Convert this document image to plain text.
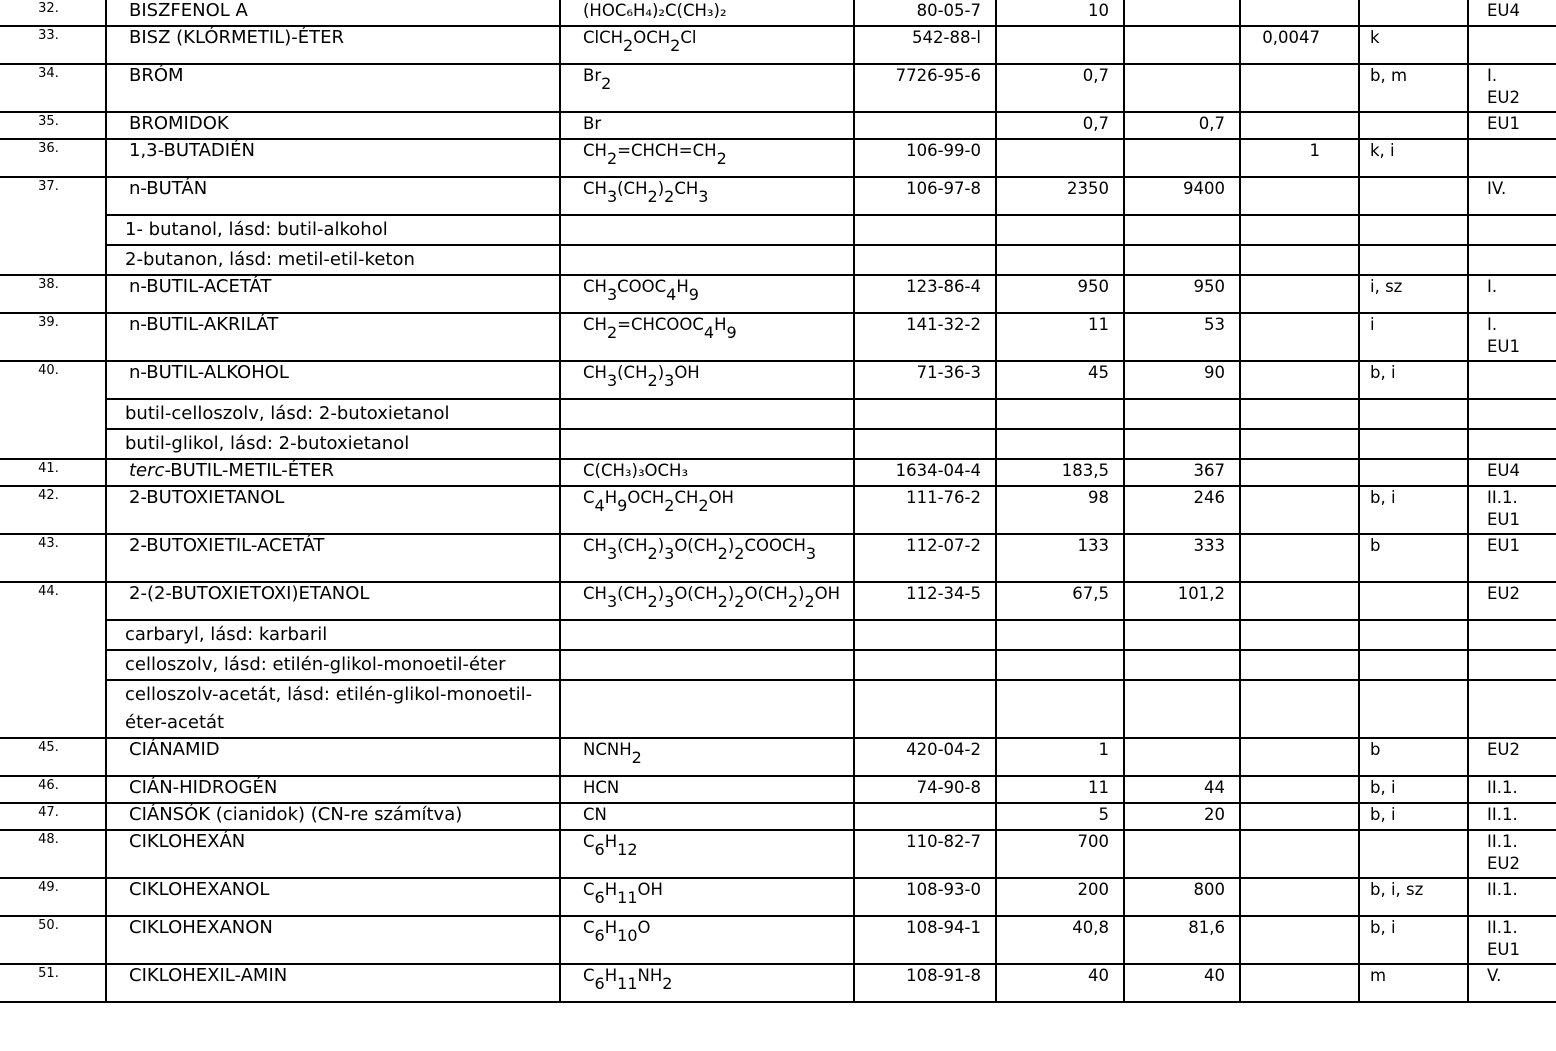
32.	BISZFENOL A	(HOC₆H₄)₂C(CH₃)₂	80-05-7	10				EU4
33.	BISZ (KLÓRMETIL)-ÉTER	$ClCH_2OCH_2Cl$	542-88-l			0,0047	k	
34.	BRÓM	$Br_2$	7726-95-6	0,7			b, m	I.
EU2
35.	BROMIDOK	Br		0,7	0,7			EU1
36.	1,3-BUTADIÉN	$CH_2=CHCH=CH_2$	106-99-0			1	k, i	
37.	n-BUTÁN	$CH_3(CH_2)_2CH_3$	106-97-8	2350	9400			IV.
	1- butanol, lásd: butil-alkohol							
	2-butanon, lásd: metil-etil-keton							
38.	n-BUTIL-ACETÁT	$CH_3COOC_4H_9$	123-86-4	950	950		i, sz	I.
39.	n-BUTIL-AKRILÁT	$CH_2=CHCOOC_4H_9$	141-32-2	11	53		i	I.
EU1
40.	n-BUTIL-ALKOHOL	$CH_3(CH_2)_3OH$	71-36-3	45	90		b, i	
	butil-celloszolv, lásd: 2-butoxietanol							
	butil-glikol, lásd: 2-butoxietanol							
41.	terc-BUTIL-METIL-ÉTER	C(CH₃)₃OCH₃	1634-04-4	183,5	367			EU4
42.	2-BUTOXIETANOL	$C_4H_9OCH_2CH_2OH$	111-76-2	98	246		b, i	II.1.
EU1
43.	2-BUTOXIETIL-ACETÁT	$CH_3(CH_2)_3O(CH_2)_2COOCH_3$	112-07-2	133	333		b	EU1
44.	2-(2-BUTOXIETOXI)ETANOL	$CH_3(CH_2)_3O(CH_2)_2O(CH_2)_2OH$	112-34-5	67,5	101,2			EU2
	carbaryl, lásd: karbaril							
	celloszolv, lásd: etilén-glikol-monoetil-éter							
	celloszolv-acetát, lásd: etilén-glikol-monoetil-éter-acetát							
45.	CIÁNAMID	$NCNH_2$	420-04-2	1			b	EU2
46.	CIÁN-HIDROGÉN	HCN	74-90-8	11	44		b, i	II.1.
47.	CIÁNSÓK (cianidok) (CN-re számítva)	CN		5	20		b, i	II.1.
48.	CIKLOHEXÁN	$C_6H_{12}$	110-82-7	700				II.1.
EU2
49.	CIKLOHEXANOL	$C_6H_{11}OH$	108-93-0	200	800		b, i, sz	II.1.
50.	CIKLOHEXANON	$C_6H_{10}O$	108-94-1	40,8	81,6		b, i	II.1.
EU1
51.	CIKLOHEXIL-AMIN	$C_6H_{11}NH_2$	108-91-8	40	40		m	V.
